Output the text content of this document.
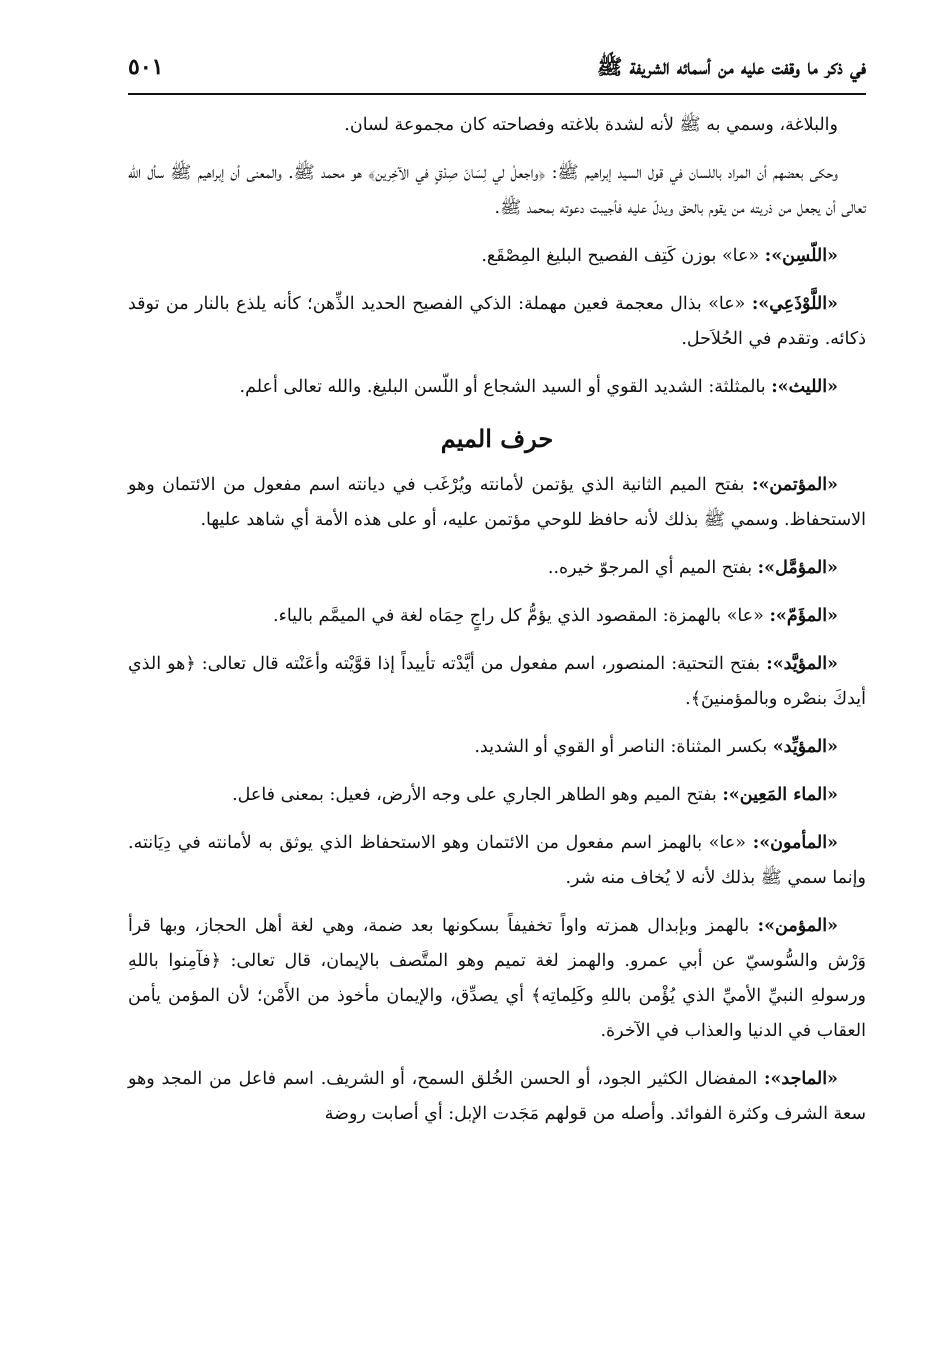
في ذكر ما وقفت عليه من أسمائه الشريفة ﷺ
٥٠١

والبلاغة، وسمي به ﷺ لأنه لشدة بلاغته وفصاحته كان مجموعة لسان.

وحكى بعضهم أن المراد باللسان في قول السيد إبراهيم ﷺ: ﴿واجعلْ لي لِسَانَ صِدْقٍ في الآخِرين﴾ هو محمد ﷺ. والمعنى أن إبراهيم ﷺ سأل الله تعالى أن يجعل من ذريته من يقوم بالحق ويدلّ عليه فأجيبت دعوته بمحمد ﷺ.

«اللّسِن»: «عا» بوزن كَتِف الفصيح البليغ المِصْقَع.

«اللَّوْذَعِي»: «عا» بذال معجمة فعين مهملة: الذكي الفصيح الحديد الذِّهن؛ كأنه يلذع بالنار من توقد ذكائه. وتقدم في الحُلاَحل.

«الليث»: بالمثلثة: الشديد القوي أو السيد الشجاع أو اللّسن البليغ. والله تعالى أعلم.

حرف الميم

«المؤتمن»: بفتح الميم الثانية الذي يؤتمن لأمانته ويُرْغَب في ديانته اسم مفعول من الائتمان وهو الاستحفاظ. وسمي ﷺ بذلك لأنه حافظ للوحي مؤتمن عليه، أو على هذه الأمة أي شاهد عليها.

«المؤمَّل»: بفتح الميم أي المرجوّ خيره..

«المؤَمّ»: «عا» بالهمزة: المقصود الذي يؤمُّ كل راجٍ حِمَاه لغة في الميمَّم بالياء.

«المؤيَّد»: بفتح التحتية: المنصور، اسم مفعول من أيَّدْته تأييداً إذا قوَّيْته وأعَنْته قال تعالى: ﴿هو الذي أيدكَ بنصْره وبالمؤمنينَ﴾.

«المؤيِّد» بكسر المثناة: الناصر أو القوي أو الشديد.

«الماء المَعِين»: بفتح الميم وهو الطاهر الجاري على وجه الأرض، فعيل: بمعنى فاعل.

«المأمون»: «عا» بالهمز اسم مفعول من الائتمان وهو الاستحفاظ الذي يوثق به لأمانته في دِيَانته. وإنما سمي ﷺ بذلك لأنه لا يُخاف منه شر.

«المؤمن»: بالهمز وبإبدال همزته واواً تخفيفاً بسكونها بعد ضمة، وهي لغة أهل الحجاز، وبها قرأ وَرْش والسُّوسيّ عن أبي عمرو. والهمز لغة تميم وهو المتَّصف بالإيمان، قال تعالى: ﴿فآمِنوا باللهِ ورسولهِ النبيِّ الأميِّ الذي يُؤْمن باللهِ وكَلِماتِه﴾ أي يصدِّق، والإيمان مأخوذ من الأَمْن؛ لأن المؤمن يأمن العقاب في الدنيا والعذاب في الآخرة.

«الماجد»: المفضال الكثير الجود، أو الحسن الخُلق السمح، أو الشريف. اسم فاعل من المجد وهو سعة الشرف وكثرة الفوائد. وأصله من قولهم مَجَدت الإبل: أي أصابت روضة
